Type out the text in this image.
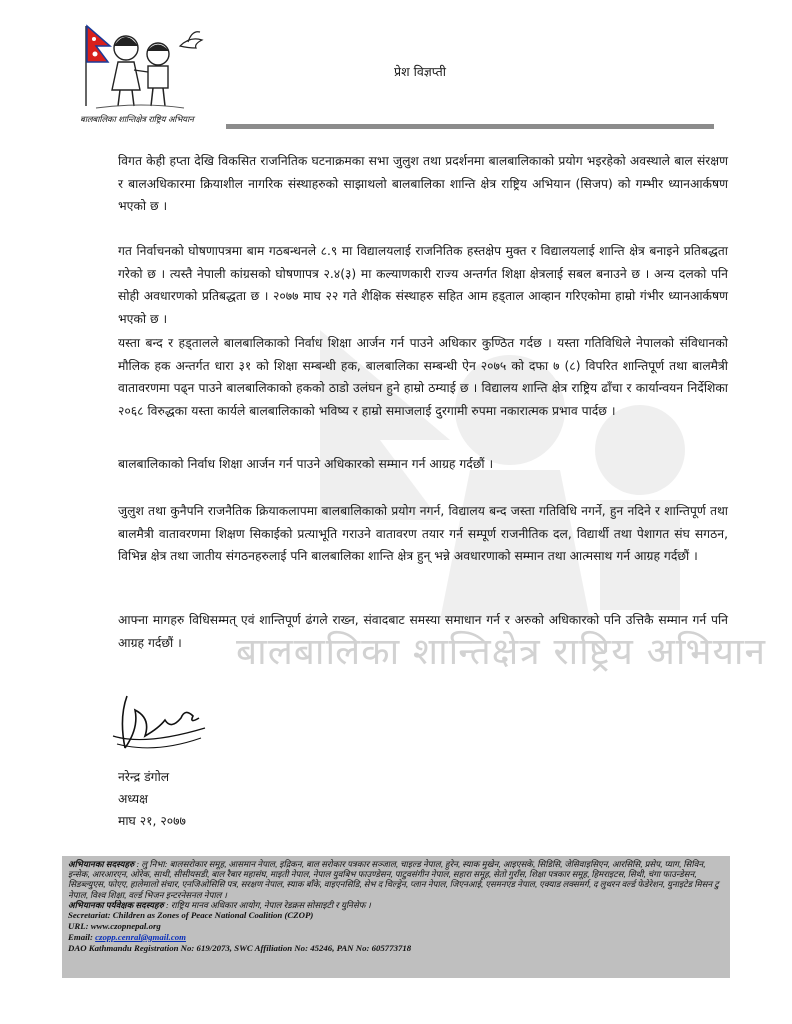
बालबालिका शान्तिक्षेत्र राष्ट्रिय अभियान
प्रेश विज्ञप्ती
बालबालिका शान्तिक्षेत्र राष्ट्रिय अभियान

विगत केही हप्ता देखि विकसित राजनितिक घटनाक्रमका सभा जुलुश तथा प्रदर्शनमा बालबालिकाको प्रयोग भइरहेको अवस्थाले बाल संरक्षण र बालअधिकारमा क्रियाशील नागरिक संस्थाहरुको साझाथलो बालबालिका शान्ति क्षेत्र राष्ट्रिय अभियान (सिजप) को गम्भीर ध्यानआर्कषण भएको छ ।

गत निर्वाचनको घोषणापत्रमा बाम गठबन्धनले ८.९ मा विद्यालयलाई राजनितिक हस्तक्षेप मुक्त र विद्यालयलाई शान्ति क्षेत्र बनाइने प्रतिबद्धता गरेको छ । त्यस्तै नेपाली कांग्रसको घोषणापत्र २.४(३) मा कल्याणकारी राज्य अन्तर्गत शिक्षा क्षेत्रलाई सबल बनाउने छ । अन्य दलको पनि सोही अवधारणको प्रतिबद्धता छ । २०७७ माघ २२ गते शैक्षिक संस्थाहरु सहित आम हड्ताल आव्हान गरिएकोमा हाम्रो गंभीर ध्यानआर्कषण भएको छ ।

यस्ता बन्द र हड्तालले बालबालिकाको निर्वाध शिक्षा आर्जन गर्न पाउने अधिकार कुण्ठित गर्दछ । यस्ता गतिविधिले नेपालको संविधानको मौलिक हक अन्तर्गत धारा ३१ को शिक्षा सम्बन्धी हक, बालबालिका सम्बन्धी ऐन २०७५ को दफा ७ (८) विपरित शान्तिपूर्ण तथा बालमैत्री वातावरणमा पढ्न पाउने बालबालिकाको हकको ठाडो उलंघन हुने हाम्रो ठम्याई छ । विद्यालय शान्ति क्षेत्र राष्ट्रिय ढाँचा र कार्यान्वयन निर्देशिका २०६८ विरुद्धका यस्ता कार्यले बालबालिकाको भविष्य र हाम्रो समाजलाई दुरगामी रुपमा नकारात्मक प्रभाव पार्दछ ।

बालबालिकाको निर्वाध शिक्षा आर्जन गर्न पाउने अधिकारको सम्मान गर्न आग्रह गर्दछौं ।

जुलुश तथा कुनैपनि राजनैतिक क्रियाकलापमा बालबालिकाको प्रयोग नगर्न, विद्यालय बन्द जस्ता गतिविधि नगर्ने, हुन नदिने र शान्तिपूर्ण तथा बालमैत्री वातावरणमा शिक्षण सिकाईको प्रत्याभूति गराउने वातावरण तयार गर्न सम्पूर्ण राजनीतिक दल, विद्यार्थी तथा पेशागत संघ सगठन, विभिन्न क्षेत्र तथा जातीय संगठनहरुलाई पनि बालबालिका शान्ति क्षेत्र हुन् भन्ने अवधारणाको सम्मान तथा आत्मसाथ गर्न आग्रह गर्दछौं ।

आफ्ना मागहरु विधिसम्मत् एवं शान्तिपूर्ण ढंगले राख्न, संवादबाट समस्या समाधान गर्न र अरुको अधिकारको पनि उत्तिकै सम्मान गर्न पनि आग्रह गर्दछौं ।

नरेन्द्र डंगोल
अध्यक्ष
माघ २१, २०७७

अभियानका सदस्यहरु : लु निभा: बालसरोकार समूह, आसमान नेपाल, इद्रिकन, बाल सरोकार पत्रकार सञ्जाल, चाइल्ड नेपाल, हुरेन, स्याक मुखेन, आइएसके, सिडिसि, जेसिवाइसिएन, आरसिसि, प्रसेप, प्याग, सिविन, इन्सेक, आरआरएन, ओरेक, साथी, सीसीयसडी, बाल रैबार महासंघ, माइती नेपाल, नेपाल युवबिभ फाउण्डेसन, पाटुवसंगीन नेपाल, सहारा समूह, सेतो गुराँस, शिक्षा पत्रकार समूह, हिमराइटस, सिथी, चंगा फाउन्डेसन, सिडब्ल्युएस, फोएए, हालेमालो संचार, एनजिओसिसि पत्र, सरक्षण नेपाल, स्याक बाँके, वाइएनसिडि, सेभ द चिल्ड्रेन, प्लान नेपाल, जिएनआई, एसमनएड नेपाल, एक्याड लक्समर्ग, द लुथरन वर्ल्ड फेडेरेशन, युनाइटेड मिसन टु नेपाल, विश्व शिक्षा, वर्ल्ड भिजन इन्टरनेसनल नेपाल ।

अभियानका पर्यवेक्षक सदस्यहरु : राष्ट्रिय मानव अधिकार आयोग, नेपाल रेडक्रस सोसाइटी र युनिसेफ ।

Secretariat: Children as Zones of Peace National Coalition (CZOP)
URL: www.czopnepal.org
Email: czopp.cenral@gmail.com
DAO Kathmandu Registration No: 619/2073, SWC Affiliation No: 45246, PAN No: 605773718
